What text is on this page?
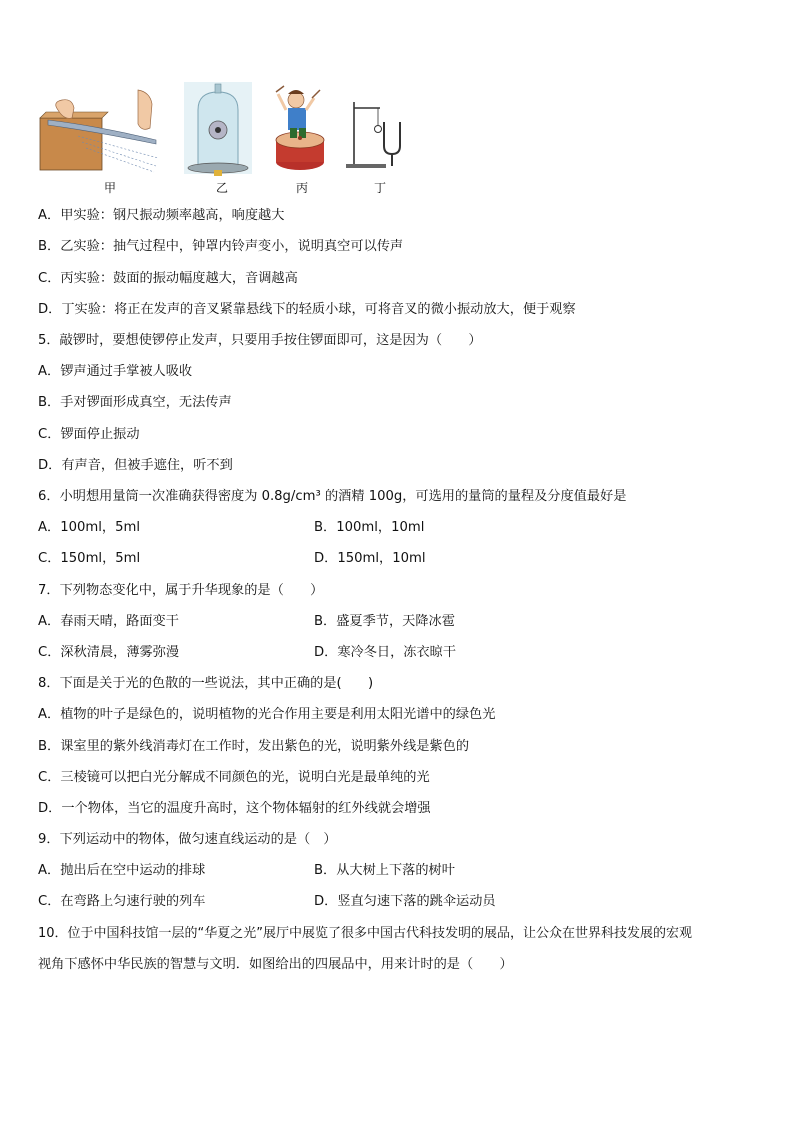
甲	乙	丙	丁
A．甲实验：钢尺振动频率越高，响度越大
B．乙实验：抽气过程中，钟罩内铃声变小，说明真空可以传声
C．丙实验：鼓面的振动幅度越大，音调越高
D．丁实验：将正在发声的音叉紧靠悬线下的轻质小球，可将音叉的微小振动放大，便于观察
5．敲锣时，要想使锣停止发声，只要用手按住锣面即可，这是因为（　　）
A．锣声通过手掌被人吸收
B．手对锣面形成真空，无法传声
C．锣面停止振动
D．有声音，但被手遮住，听不到
6．小明想用量筒一次准确获得密度为 0.8g/cm³ 的酒精 100g，可选用的量筒的量程及分度值最好是
A．100ml，5ml	B．100ml，10ml
C．150ml，5ml	D．150ml，10ml
7．下列物态变化中，属于升华现象的是（　　）
A．春雨天晴，路面变干	B．盛夏季节，天降冰雹
C．深秋清晨，薄雾弥漫	D．寒冷冬日，冻衣晾干
8．下面是关于光的色散的一些说法，其中正确的是(　　)
A．植物的叶子是绿色的，说明植物的光合作用主要是利用太阳光谱中的绿色光
B．课室里的紫外线消毒灯在工作时，发出紫色的光，说明紫外线是紫色的
C．三棱镜可以把白光分解成不同颜色的光，说明白光是最单纯的光
D．一个物体，当它的温度升高时，这个物体辐射的红外线就会增强
9．下列运动中的物体，做匀速直线运动的是（　）
A．抛出后在空中运动的排球	B．从大树上下落的树叶
C．在弯路上匀速行驶的列车	D．竖直匀速下落的跳伞运动员
10．位于中国科技馆一层的“华夏之光”展厅中展览了很多中国古代科技发明的展品，让公众在世界科技发展的宏观
视角下感怀中华民族的智慧与文明．如图给出的四展品中，用来计时的是（　　）
